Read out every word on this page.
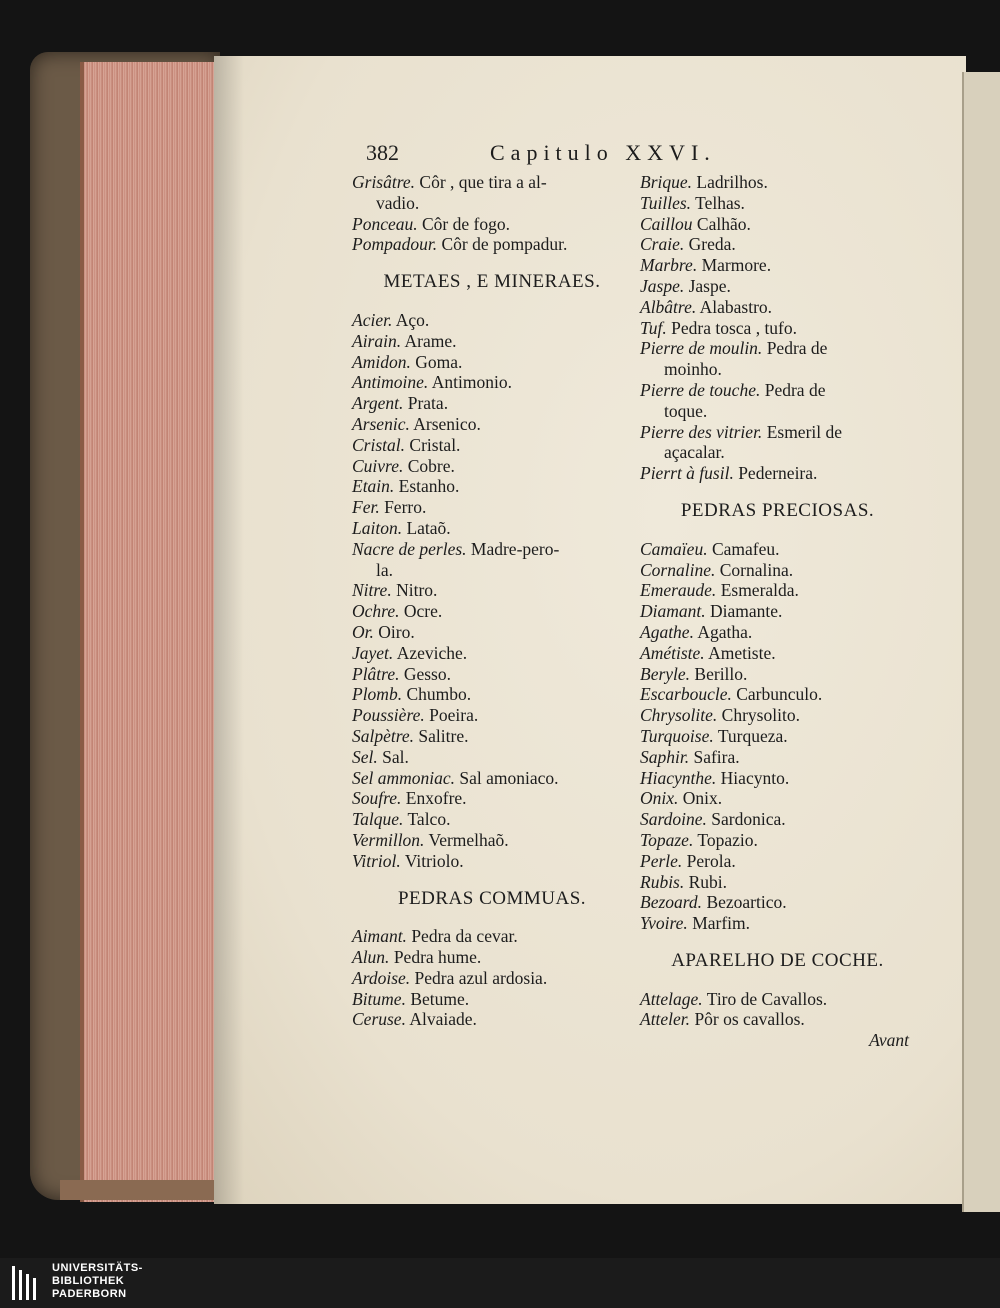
382	Capitulo XXVI.
Grisâtre. Côr , que tira a al-
vadio.
Ponceau. Côr de fogo.
Pompadour. Côr de pompadur.
METAES , E MINERAES.
Acier. Aço.
Airain. Arame.
Amidon. Goma.
Antimoine. Antimonio.
Argent. Prata.
Arsenic. Arsenico.
Cristal. Cristal.
Cuivre. Cobre.
Etain. Estanho.
Fer. Ferro.
Laiton. Lataõ.
Nacre de perles. Madre-pero-
la.
Nitre. Nitro.
Ochre. Ocre.
Or. Oiro.
Jayet. Azeviche.
Plâtre. Gesso.
Plomb. Chumbo.
Poussière. Poeira.
Salpètre. Salitre.
Sel. Sal.
Sel ammoniac. Sal amoniaco.
Soufre. Enxofre.
Talque. Talco.
Vermillon. Vermelhaõ.
Vitriol. Vitriolo.
PEDRAS COMMUAS.
Aimant. Pedra da cevar.
Alun. Pedra hume.
Ardoise. Pedra azul ardosia.
Bitume. Betume.
Ceruse. Alvaiade.
Brique. Ladrilhos.
Tuilles. Telhas.
Caillou Calhão.
Craie. Greda.
Marbre. Marmore.
Jaspe. Jaspe.
Albâtre. Alabastro.
Tuf. Pedra tosca , tufo.
Pierre de moulin. Pedra de
moinho.
Pierre de touche. Pedra de
toque.
Pierre des vitrier. Esmeril de
açacalar.
Pierrt à fusil. Pederneira.
PEDRAS PRECIOSAS.
Camaïeu. Camafeu.
Cornaline. Cornalina.
Emeraude. Esmeralda.
Diamant. Diamante.
Agathe. Agatha.
Amétiste. Ametiste.
Beryle. Berillo.
Escarboucle. Carbunculo.
Chrysolite. Chrysolito.
Turquoise. Turqueza.
Saphir. Safira.
Hiacynthe. Hiacynto.
Onix. Onix.
Sardoine. Sardonica.
Topaze. Topazio.
Perle. Perola.
Rubis. Rubi.
Bezoard. Bezoartico.
Yvoire. Marfim.
APARELHO DE COCHE.
Attelage. Tiro de Cavallos.
Atteler. Pôr os cavallos.
Avant
UNIVERSITÄTS-
BIBLIOTHEK
PADERBORN
